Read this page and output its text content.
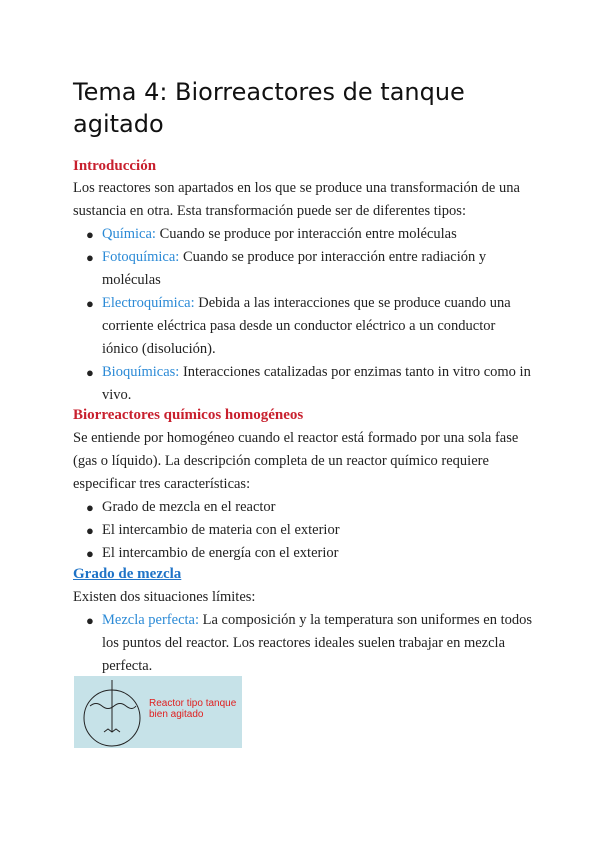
Tema 4: Biorreactores de tanque agitado
Introducción

Los reactores son apartados en los que se produce una transformación de una sustancia en otra. Esta transformación puede ser de diferentes tipos:

● Química: Cuando se produce por interacción entre moléculas
● Fotoquímica: Cuando se produce por interacción entre radiación y moléculas
● Electroquímica: Debida a las interacciones que se produce cuando una corriente eléctrica pasa desde un conductor eléctrico a un conductor iónico (disolución).
● Bioquímicas: Interacciones catalizadas por enzimas tanto in vitro como in vivo.
Biorreactores químicos homogéneos

Se entiende por homogéneo cuando el reactor está formado por una sola fase (gas o líquido). La descripción completa de un reactor químico requiere especificar tres características:

● Grado de mezcla en el reactor
● El intercambio de materia con el exterior
● El intercambio de energía con el exterior
Grado de mezcla

Existen dos situaciones límites:

● Mezcla perfecta: La composición y la temperatura son uniformes en todos los puntos del reactor. Los reactores ideales suelen trabajar en mezcla perfecta.
Reactor tipo tanque bien agitado
